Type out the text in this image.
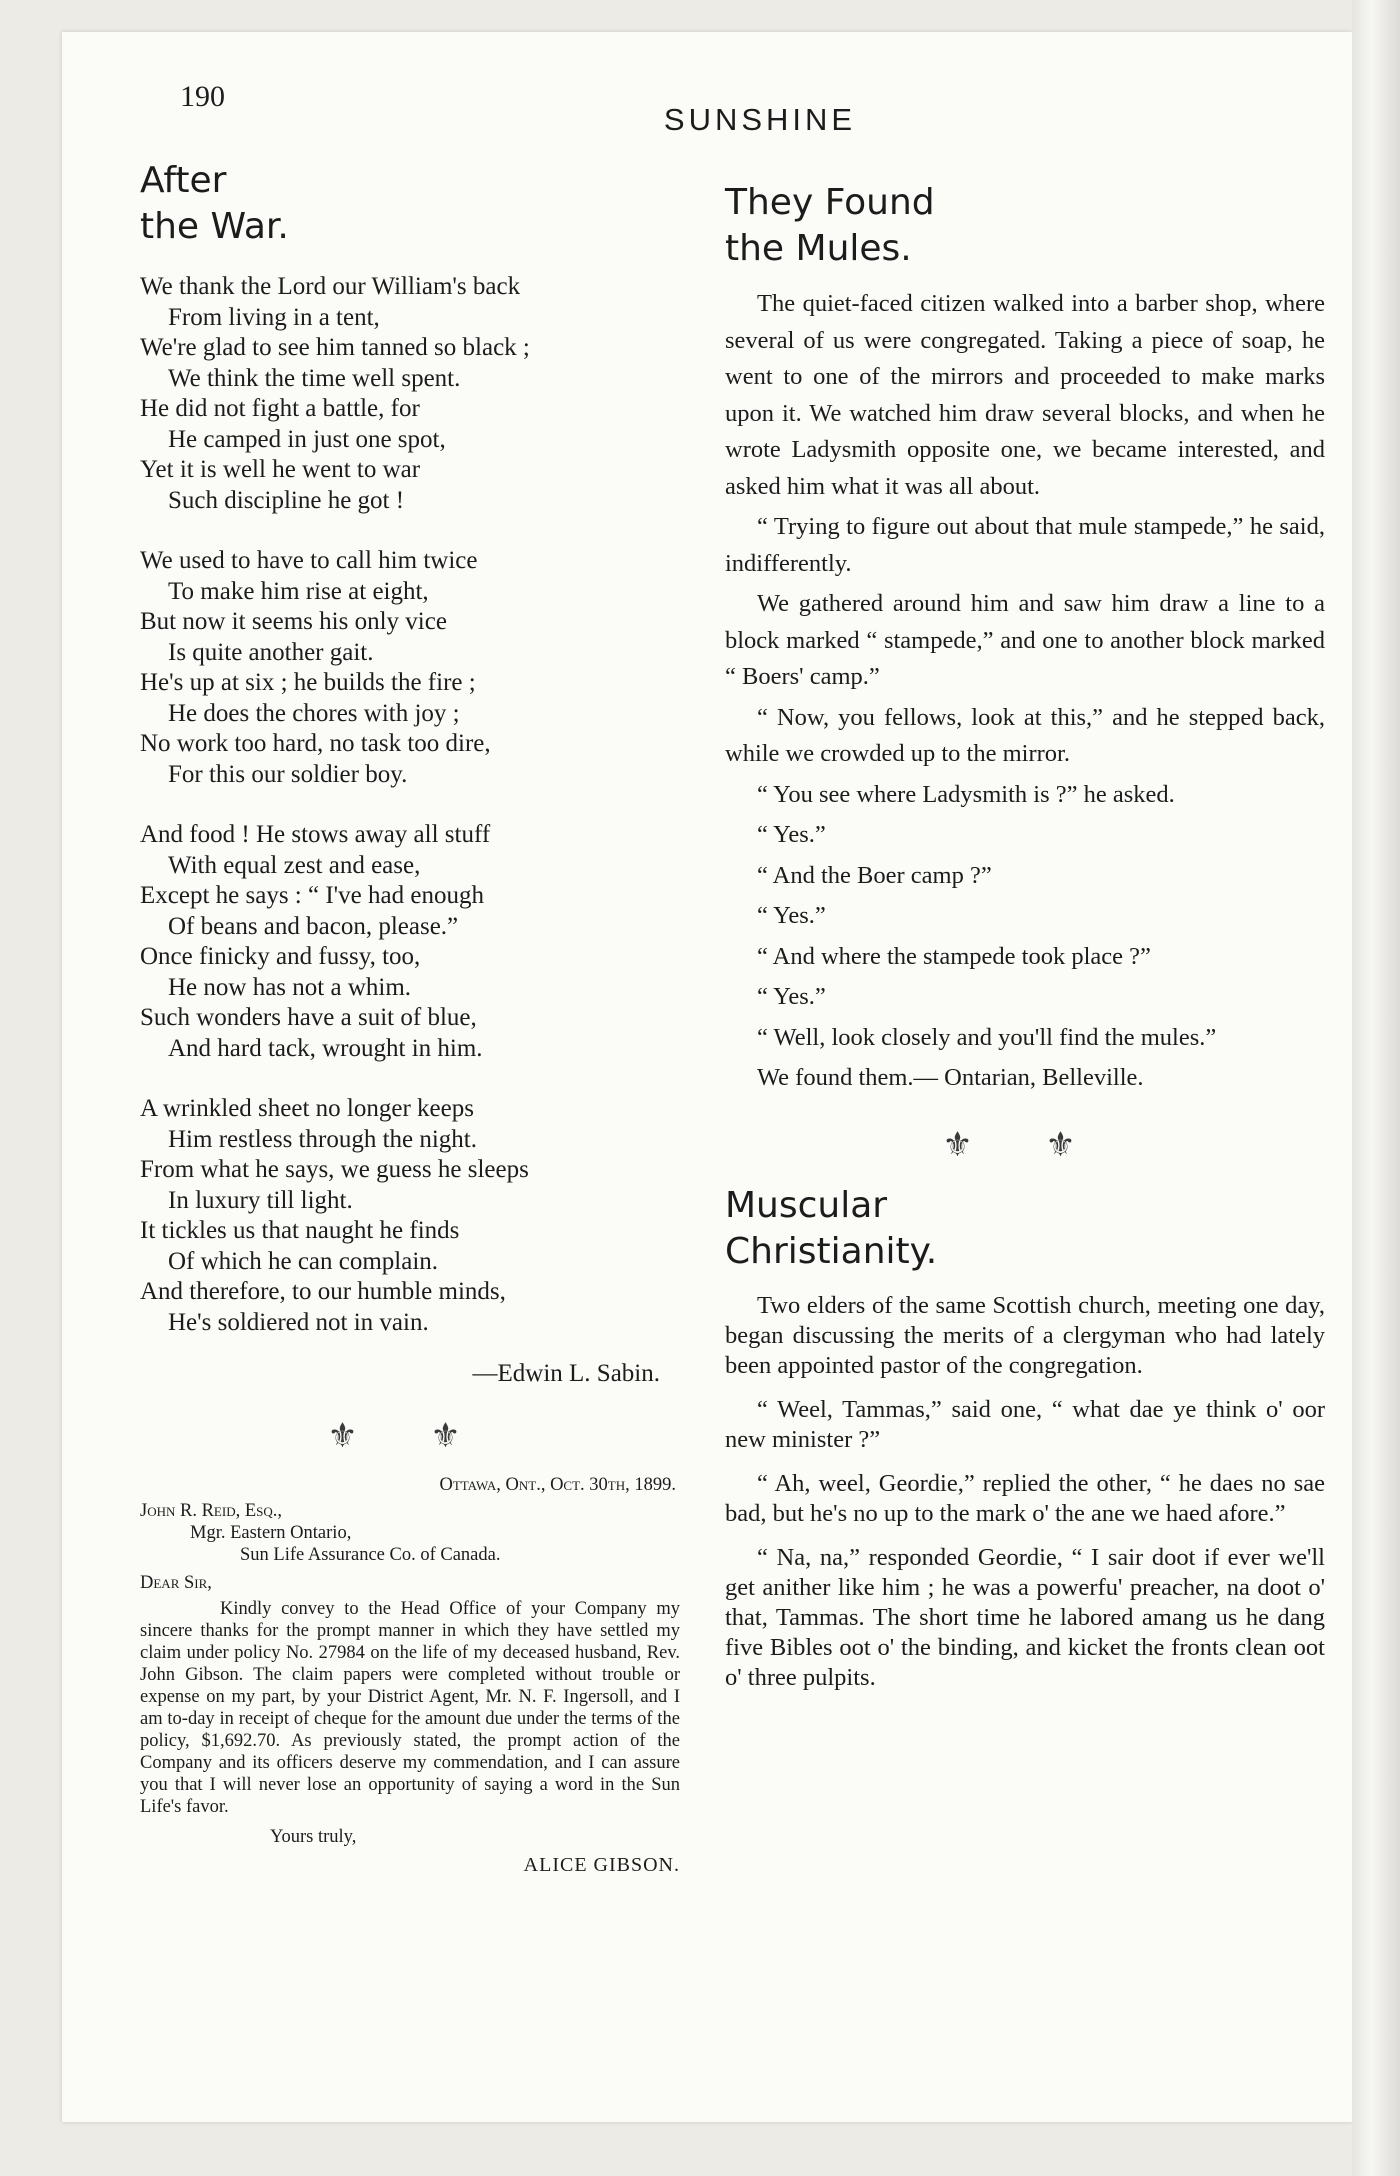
190
SUNSHINE
After
the War.
We thank the Lord our William's back
From living in a tent,
We're glad to see him tanned so black ;
We think the time well spent.
He did not fight a battle, for
He camped in just one spot,
Yet it is well he went to war
Such discipline he got !
We used to have to call him twice
To make him rise at eight,
But now it seems his only vice
Is quite another gait.
He's up at six ; he builds the fire ;
He does the chores with joy ;
No work too hard, no task too dire,
For this our soldier boy.
And food ! He stows away all stuff
With equal zest and ease,
Except he says : “ I've had enough
Of beans and bacon, please.”
Once finicky and fussy, too,
He now has not a whim.
Such wonders have a suit of blue,
And hard tack, wrought in him.
A wrinkled sheet no longer keeps
Him restless through the night.
From what he says, we guess he sleeps
In luxury till light.
It tickles us that naught he finds
Of which he can complain.
And therefore, to our humble minds,
He's soldiered not in vain.
—Edwin L. Sabin.
⚜ ⚜
Ottawa, Ont., Oct. 30th, 1899.
John R. Reid, Esq.,
Mgr. Eastern Ontario,
Sun Life Assurance Co. of Canada.
Dear Sir,

Kindly convey to the Head Office of your Company my sincere thanks for the prompt manner in which they have settled my claim under policy No. 27984 on the life of my deceased husband, Rev. John Gibson. The claim papers were completed without trouble or expense on my part, by your District Agent, Mr. N. F. Ingersoll, and I am to-day in receipt of cheque for the amount due under the terms of the policy, $1,692.70. As previously stated, the prompt action of the Company and its officers deserve my commendation, and I can assure you that I will never lose an opportunity of saying a word in the Sun Life's favor.

Yours truly,
ALICE GIBSON.
They Found
the Mules.

The quiet-faced citizen walked into a barber shop, where several of us were congregated. Taking a piece of soap, he went to one of the mirrors and proceeded to make marks upon it. We watched him draw several blocks, and when he wrote Ladysmith opposite one, we became interested, and asked him what it was all about.

“ Trying to figure out about that mule stampede,” he said, indifferently.

We gathered around him and saw him draw a line to a block marked “ stampede,” and one to another block marked “ Boers' camp.”

“ Now, you fellows, look at this,” and he stepped back, while we crowded up to the mirror.

“ You see where Ladysmith is ?” he asked.

“ Yes.”

“ And the Boer camp ?”

“ Yes.”

“ And where the stampede took place ?”

“ Yes.”

“ Well, look closely and you'll find the mules.”

We found them.— Ontarian, Belleville.

⚜ ⚜
Muscular
Christianity.

Two elders of the same Scottish church, meeting one day, began discussing the merits of a clergyman who had lately been appointed pastor of the congregation.

“ Weel, Tammas,” said one, “ what dae ye think o' oor new minister ?”

“ Ah, weel, Geordie,” replied the other, “ he daes no sae bad, but he's no up to the mark o' the ane we haed afore.”

“ Na, na,” responded Geordie, “ I sair doot if ever we'll get anither like him ; he was a powerfu' preacher, na doot o' that, Tammas. The short time he labored amang us he dang five Bibles oot o' the binding, and kicket the fronts clean oot o' three pulpits.
